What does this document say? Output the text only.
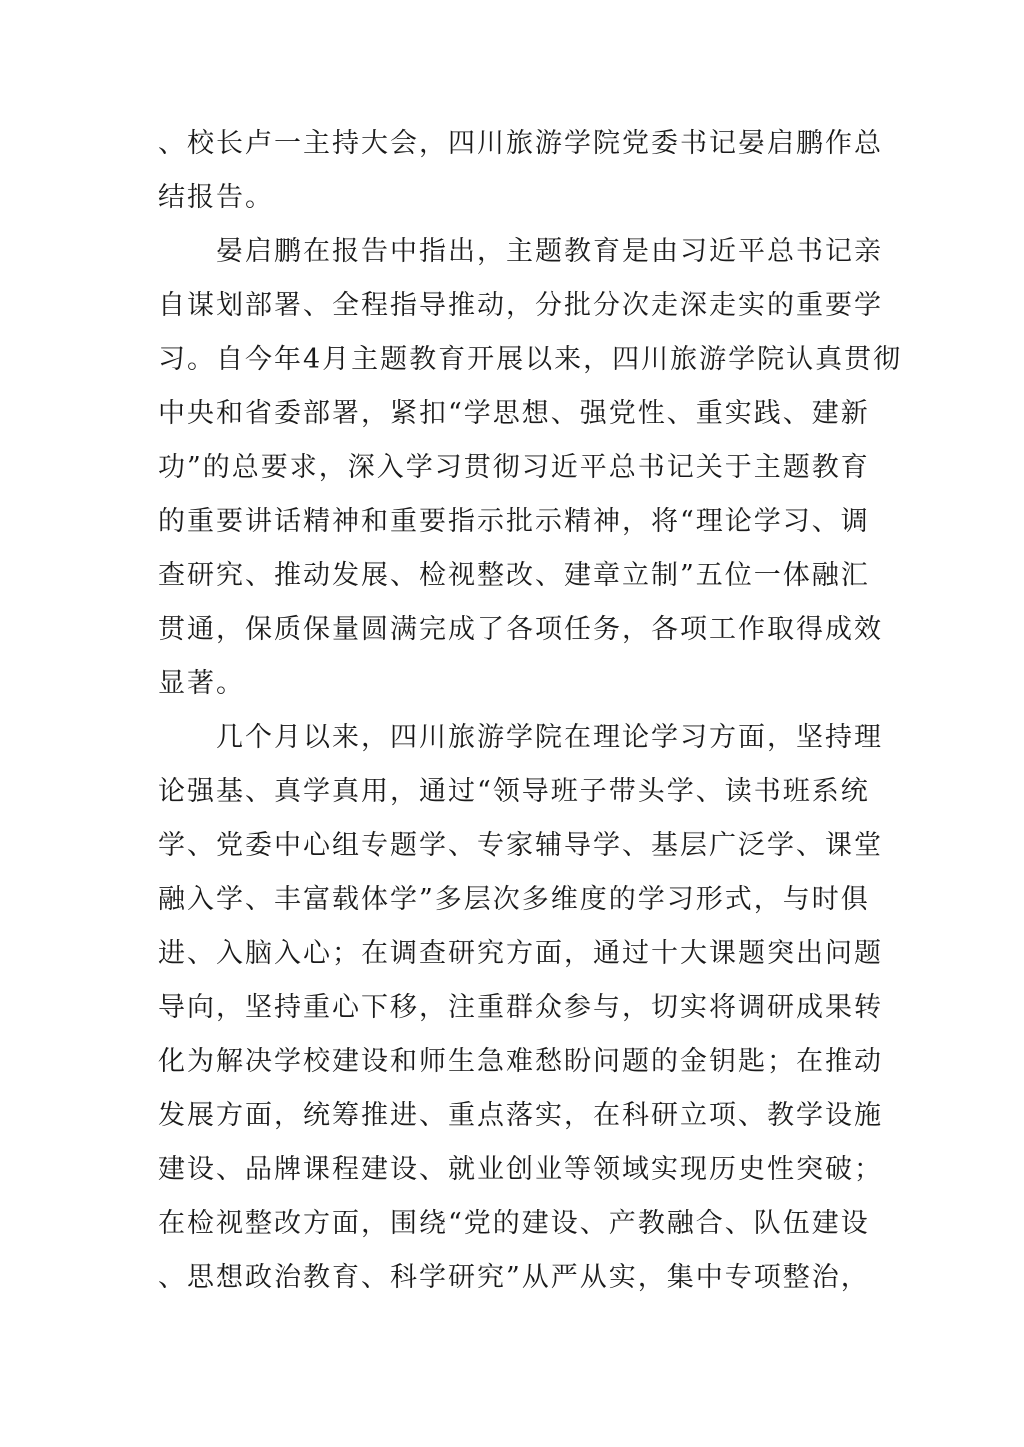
、校长卢一主持大会，四川旅游学院党委书记晏启鹏作总
结报告。
晏启鹏在报告中指出，主题教育是由习近平总书记亲
自谋划部署、全程指导推动，分批分次走深走实的重要学
习。自今年4月主题教育开展以来，四川旅游学院认真贯彻
中央和省委部署，紧扣“学思想、强党性、重实践、建新
功”的总要求，深入学习贯彻习近平总书记关于主题教育
的重要讲话精神和重要指示批示精神，将“理论学习、调
查研究、推动发展、检视整改、建章立制”五位一体融汇
贯通，保质保量圆满完成了各项任务，各项工作取得成效
显著。
几个月以来，四川旅游学院在理论学习方面，坚持理
论强基、真学真用，通过“领导班子带头学、读书班系统
学、党委中心组专题学、专家辅导学、基层广泛学、课堂
融入学、丰富载体学”多层次多维度的学习形式，与时俱
进、入脑入心；在调查研究方面，通过十大课题突出问题
导向，坚持重心下移，注重群众参与，切实将调研成果转
化为解决学校建设和师生急难愁盼问题的金钥匙；在推动
发展方面，统筹推进、重点落实，在科研立项、教学设施
建设、品牌课程建设、就业创业等领域实现历史性突破；
在检视整改方面，围绕“党的建设、产教融合、队伍建设
、思想政治教育、科学研究”从严从实，集中专项整治，
